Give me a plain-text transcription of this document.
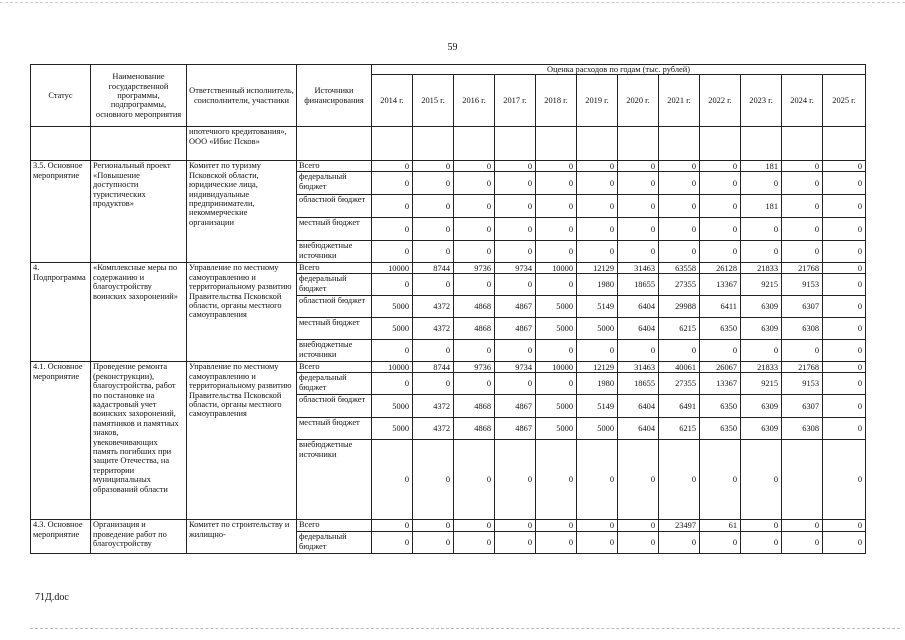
59
Статус	Наименование государственной программы, подпрограммы, основного мероприятия	Ответственный исполнитель, соисполнители, участники	Источники финансирования	Оценка расходов по годам (тыс. рублей)											
				2014 г.	2015 г.	2016 г.	2017 г.	2018 г.	2019 г.	2020 г.	2021 г.	2022 г.	2023 г.	2024 г.	2025 г.
		ипотечного кредитования», ООО «Ибис Псков»													
3.5. Основное мероприятие	Региональный проект «Повышение доступности туристических продуктов»	Комитет по туризму Псковской области, юридические лица, индивидуальные предприниматели, некоммерческие организации	Всего	0	0	0	0	0	0	0	0	0	181	0	0
			федеральный бюджет	0	0	0	0	0	0	0	0	0	0	0	0
			областной бюджет	0	0	0	0	0	0	0	0	0	181	0	0
			местный бюджет	0	0	0	0	0	0	0	0	0	0	0	0
			внебюджетные источники	0	0	0	0	0	0	0	0	0	0	0	0
4. Подпрограмма	«Комплексные меры по содержанию и благоустройству воинских захоронений»	Управление по местному самоуправлению и территориальному развитию Правительства Псковской области, органы местного самоуправления	Всего	10000	8744	9736	9734	10000	12129	31463	63558	26128	21833	21768	0
			федеральный бюджет	0	0	0	0	0	1980	18655	27355	13367	9215	9153	0
			областной бюджет	5000	4372	4868	4867	5000	5149	6404	29988	6411	6309	6307	0
			местный бюджет	5000	4372	4868	4867	5000	5000	6404	6215	6350	6309	6308	0
			внебюджетные источники	0	0	0	0	0	0	0	0	0	0	0	0
4.1. Основное мероприятие	Проведение ремонта (реконструкции), благоустройства, работ по постановке на кадастровый учет воинских захоронений, памятников и памятных знаков, увековечивающих память погибших при защите Отечества, на территории муниципальных образований области	Управление по местному самоуправлению и территориальному развитию Правительства Псковской области, органы местного самоуправления	Всего	10000	8744	9736	9734	10000	12129	31463	40061	26067	21833	21768	0
			федеральный бюджет	0	0	0	0	0	1980	18655	27355	13367	9215	9153	0
			областной бюджет	5000	4372	4868	4867	5000	5149	6404	6491	6350	6309	6307	0
			местный бюджет	5000	4372	4868	4867	5000	5000	6404	6215	6350	6309	6308	0
			внебюджетные источники	0	0	0	0	0	0	0	0	0	0		0
4.3. Основное мероприятие	Организация и проведение работ по благоустройству	Комитет по строительству и жилищно-	Всего	0	0	0	0	0	0	0	23497	61	0	0	0
			федеральный бюджет	0	0	0	0	0	0	0	0	0	0	0	0
71Д.doc
